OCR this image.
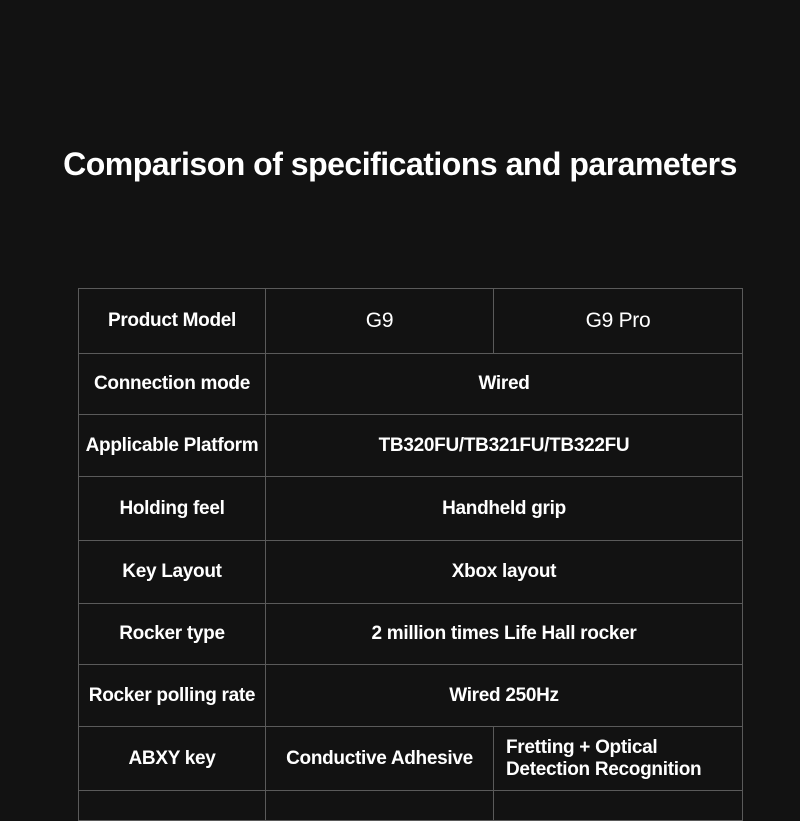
Comparison of specifications and parameters
Product Model	G9	G9 Pro
Connection mode	Wired	
Applicable Platform	TB320FU/TB321FU/TB322FU	
Holding feel	Handheld grip	
Key Layout	Xbox layout	
Rocker type	2 million times Life Hall rocker	
Rocker polling rate	Wired 250Hz	
ABXY key	Conductive Adhesive	Fretting + Optical Detection Recognition
